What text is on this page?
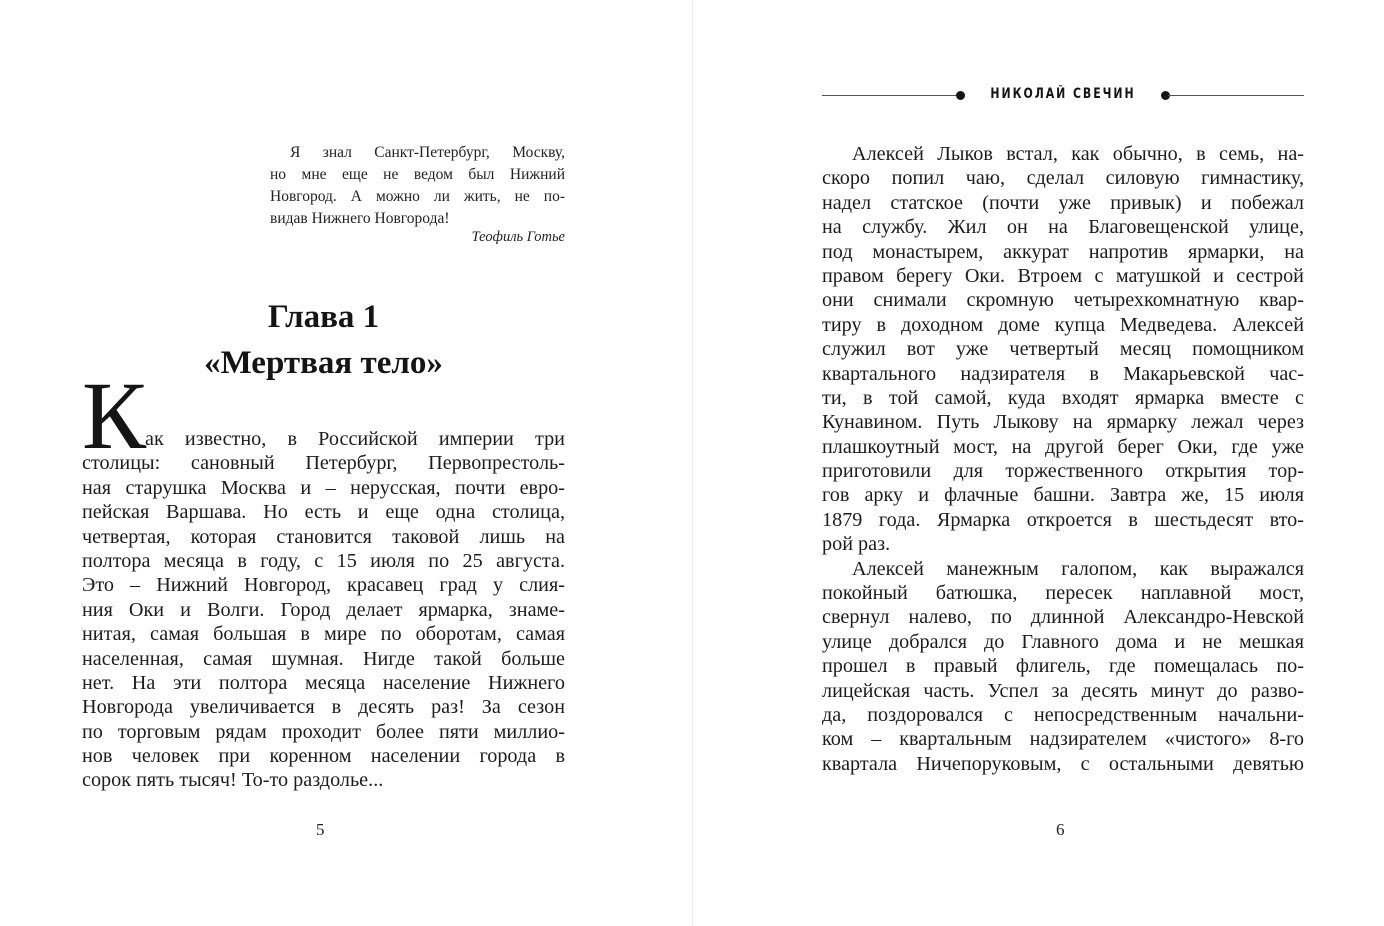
Я знал Санкт-Петербург, Москву,
но мне еще не ведом был Нижний
Новгород. А можно ли жить, не по-
видав Нижнего Новгорода!
Теофиль Готье
Глава 1
«Мертвая тело»
К
ак известно, в Российской империи три
столицы: сановный Петербург, Первопрестоль-
ная старушка Москва и – нерусская, почти евро-
пейская Варшава. Но есть и еще одна столица,
четвертая, которая становится таковой лишь на
полтора месяца в году, с 15 июля по 25 августа.
Это – Нижний Новгород, красавец град у слия-
ния Оки и Волги. Город делает ярмарка, знаме-
нитая, самая большая в мире по оборотам, самая
населенная, самая шумная. Нигде такой больше
нет. На эти полтора месяца население Нижнего
Новгорода увеличивается в десять раз! За сезон
по торговым рядам проходит более пяти миллио-
нов человек при коренном населении города в
сорок пять тысяч! То-то раздолье...
5
НИКОЛАЙ СВЕЧИН
Алексей Лыков встал, как обычно, в семь, на-
скоро попил чаю, сделал силовую гимнастику,
надел статское (почти уже привык) и побежал
на службу. Жил он на Благовещенской улице,
под монастырем, аккурат напротив ярмарки, на
правом берегу Оки. Втроем с матушкой и сестрой
они снимали скромную четырехкомнатную квар-
тиру в доходном доме купца Медведева. Алексей
служил вот уже четвертый месяц помощником
квартального надзирателя в Макарьевской час-
ти, в той самой, куда входят ярмарка вместе с
Кунавином. Путь Лыкову на ярмарку лежал через
плашкоутный мост, на другой берег Оки, где уже
приготовили для торжественного открытия тор-
гов арку и флачные башни. Завтра же, 15 июля
1879 года. Ярмарка откроется в шестьдесят вто-
рой раз.
Алексей манежным галопом, как выражался
покойный батюшка, пересек наплавной мост,
свернул налево, по длинной Александро-Невской
улице добрался до Главного дома и не мешкая
прошел в правый флигель, где помещалась по-
лицейская часть. Успел за десять минут до разво-
да, поздоровался с непосредственным начальни-
ком – квартальным надзирателем «чистого» 8-го
квартала Ничепоруковым, с остальными девятью
6
